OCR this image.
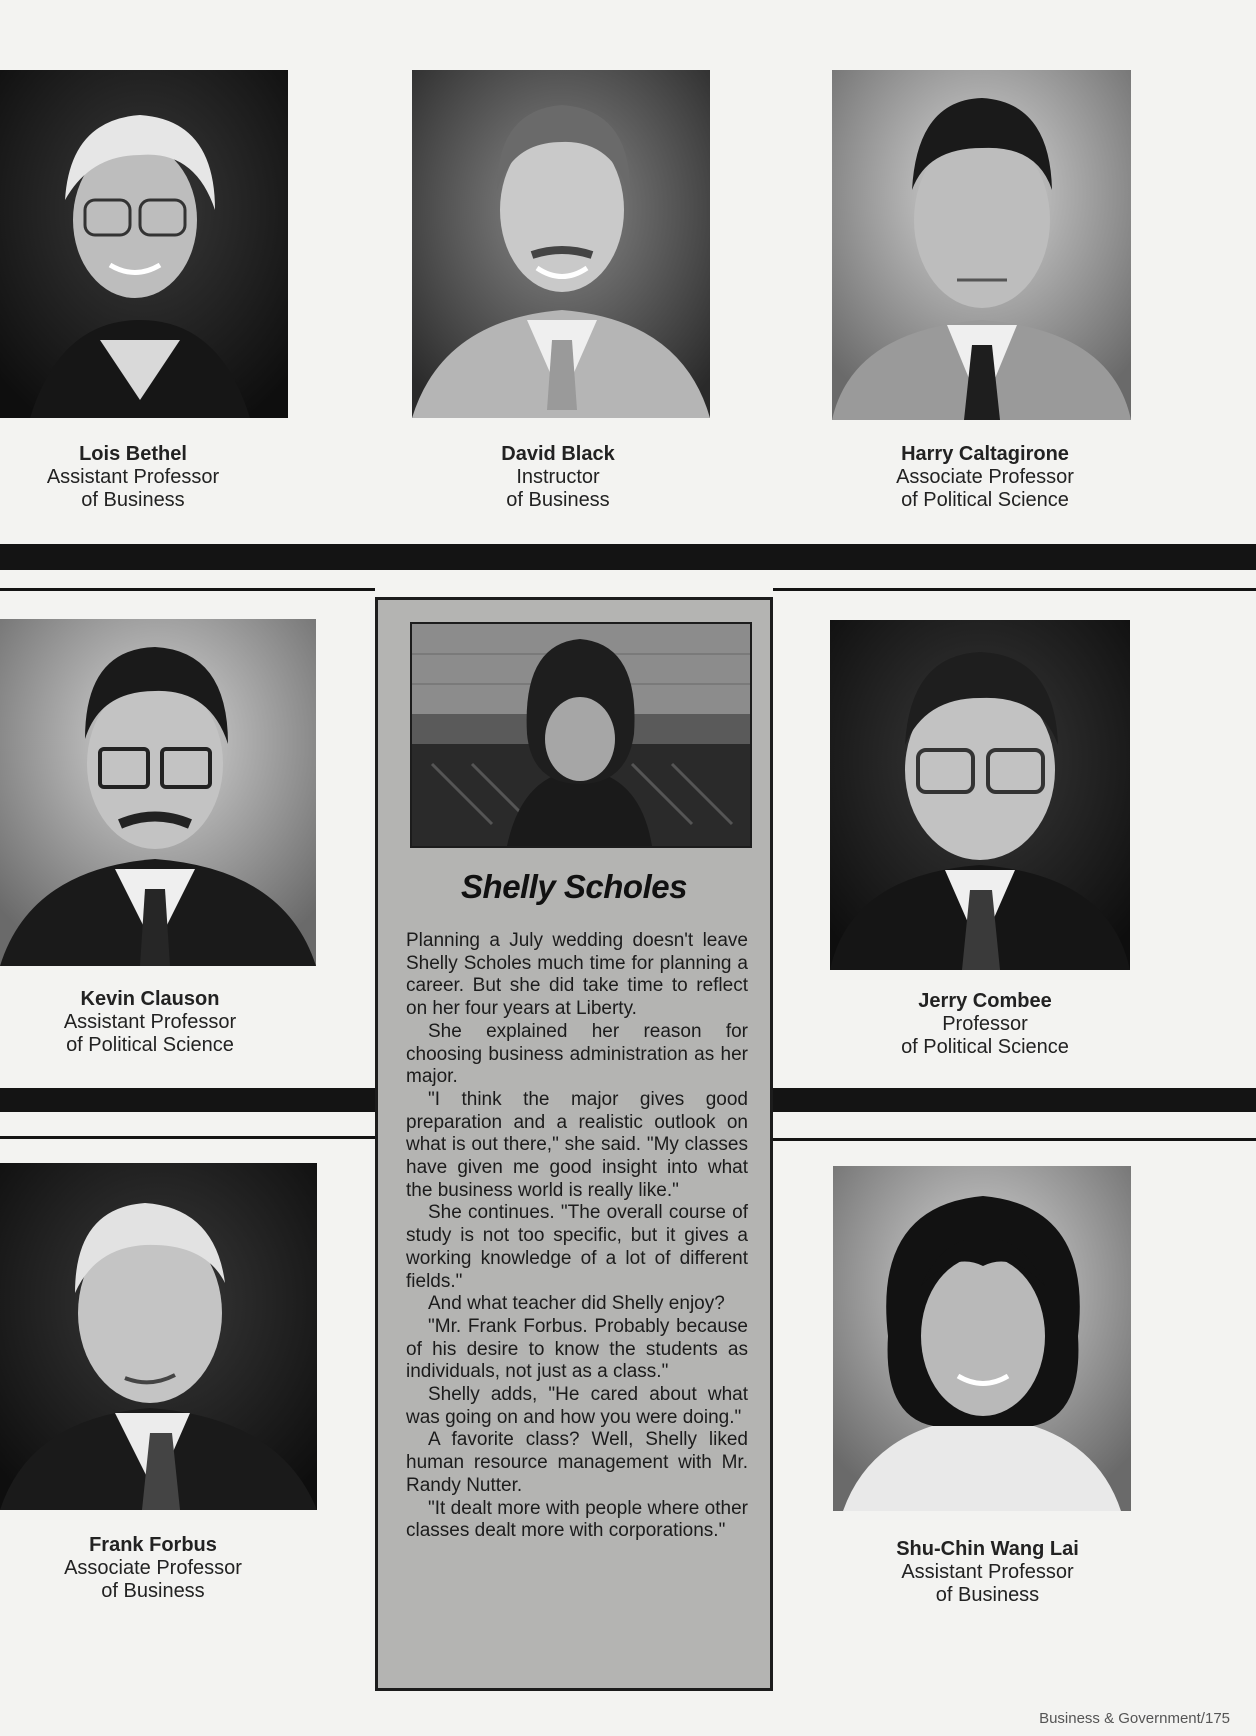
Lois Bethel
Assistant Professor
of Business
David Black
Instructor
of Business
Harry Caltagirone
Associate Professor
of Political Science
Kevin Clauson
Assistant Professor
of Political Science
Jerry Combee
Professor
of Political Science
Frank Forbus
Associate Professor
of Business
Shu-Chin Wang Lai
Assistant Professor
of Business
Shelly Scholes

Planning a July wedding doesn't leave Shelly Scholes much time for planning a career. But she did take time to reflect on her four years at Liberty.

She explained her reason for choosing business administration as her major.

"I think the major gives good preparation and a realistic outlook on what is out there," she said. "My classes have given me good insight into what the business world is really like."

She continues. "The overall course of study is not too specific, but it gives a working knowledge of a lot of different fields."

And what teacher did Shelly enjoy?

"Mr. Frank Forbus. Probably because of his desire to know the students as individuals, not just as a class."

Shelly adds, "He cared about what was going on and how you were doing."

A favorite class? Well, Shelly liked human resource management with Mr. Randy Nutter.

"It dealt more with people where other classes dealt more with corporations."

Business & Government/175
